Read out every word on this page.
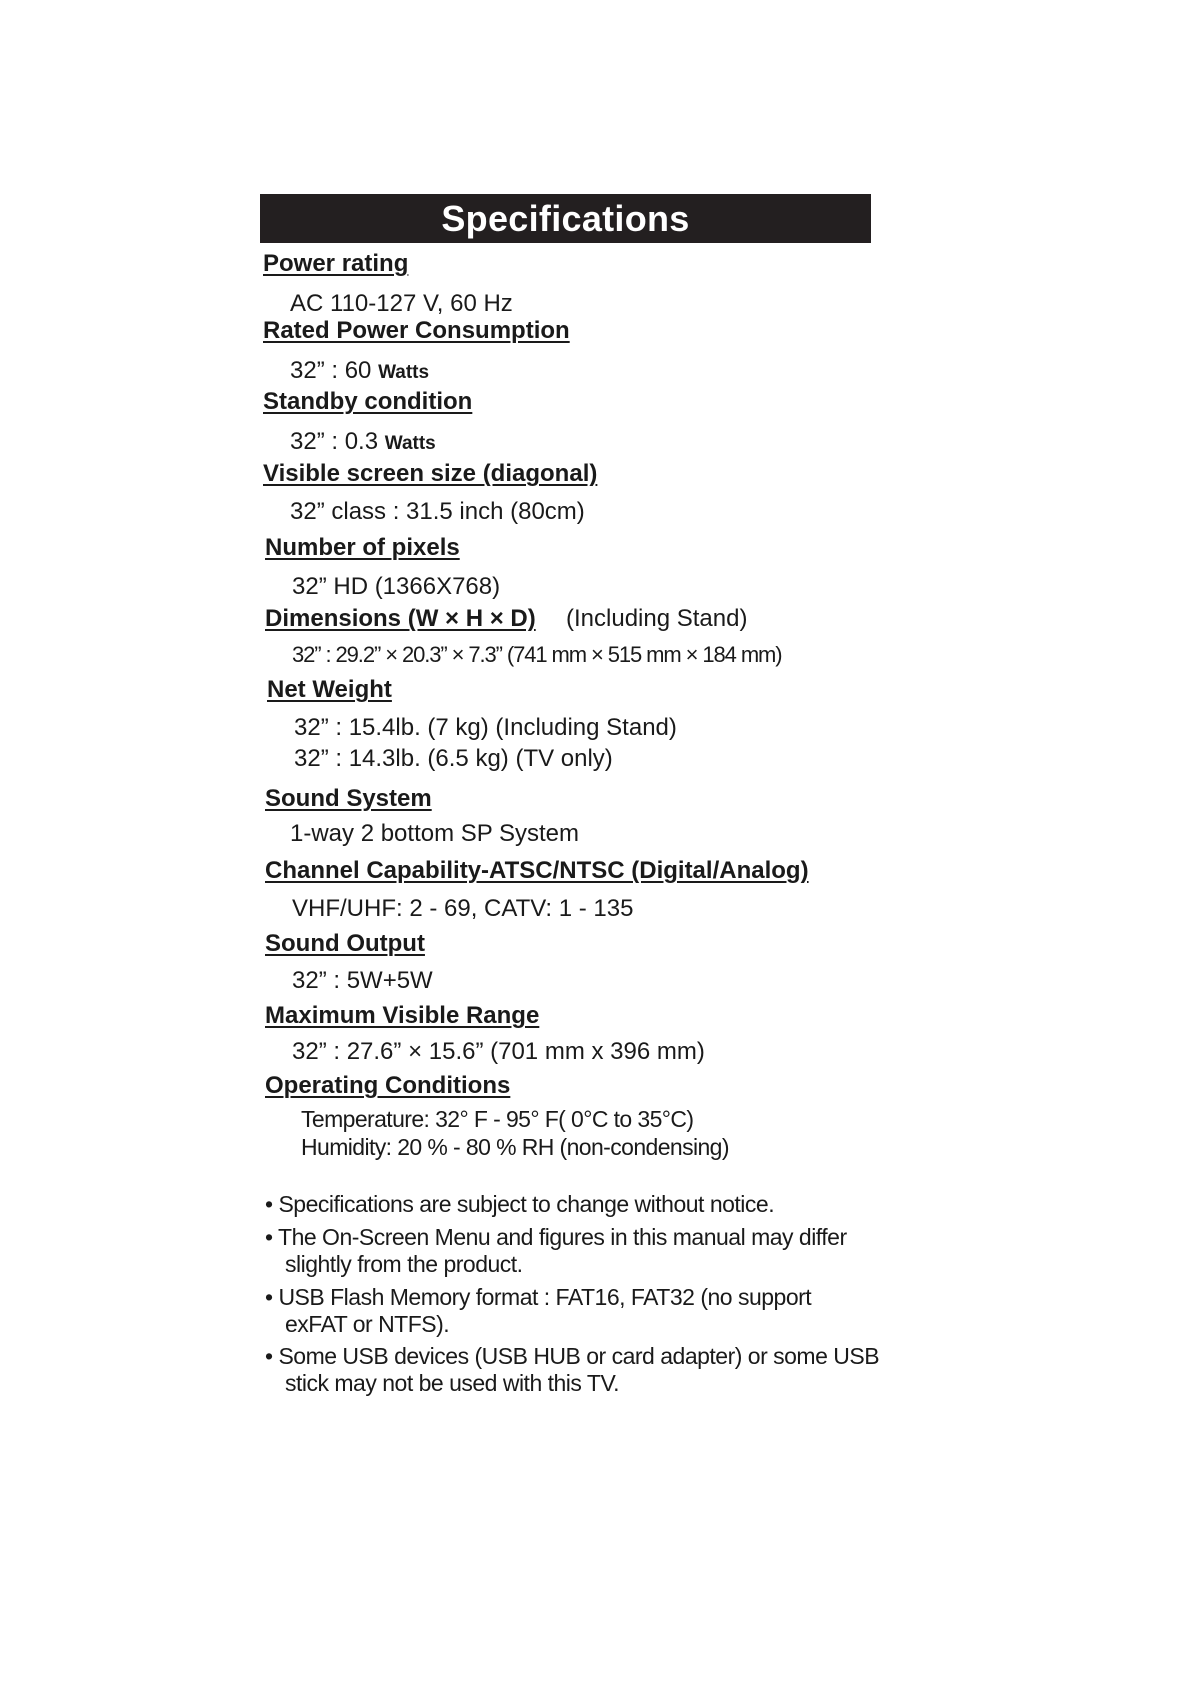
Specifications
Power rating
AC 110-127 V, 60 Hz
Rated Power Consumption
32” : 60 Watts
Standby condition
32” : 0.3 Watts
Visible screen size (diagonal)
32” class : 31.5 inch (80cm)
Number of pixels
32” HD (1366X768)
Dimensions (W × H × D) (Including Stand)
32” : 29.2” × 20.3” × 7.3” (741 mm × 515 mm × 184 mm)
Net Weight
32” : 15.4lb. (7 kg) (Including Stand)
32” : 14.3lb. (6.5 kg) (TV only)
Sound System
1-way 2 bottom SP System
Channel Capability-ATSC/NTSC (Digital/Analog)
VHF/UHF: 2 - 69, CATV: 1 - 135
Sound Output
32” : 5W+5W
Maximum Visible Range
32” : 27.6” × 15.6” (701 mm x 396 mm)
Operating Conditions
Temperature: 32° F - 95° F( 0°C to 35°C)
Humidity: 20 % - 80 % RH (non-condensing)
• Specifications are subject to change without notice.
• The On-Screen Menu and figures in this manual may differ
slightly from the product.
• USB Flash Memory format : FAT16, FAT32 (no support
exFAT or NTFS).
• Some USB devices (USB HUB or card adapter) or some USB
stick may not be used with this TV.
